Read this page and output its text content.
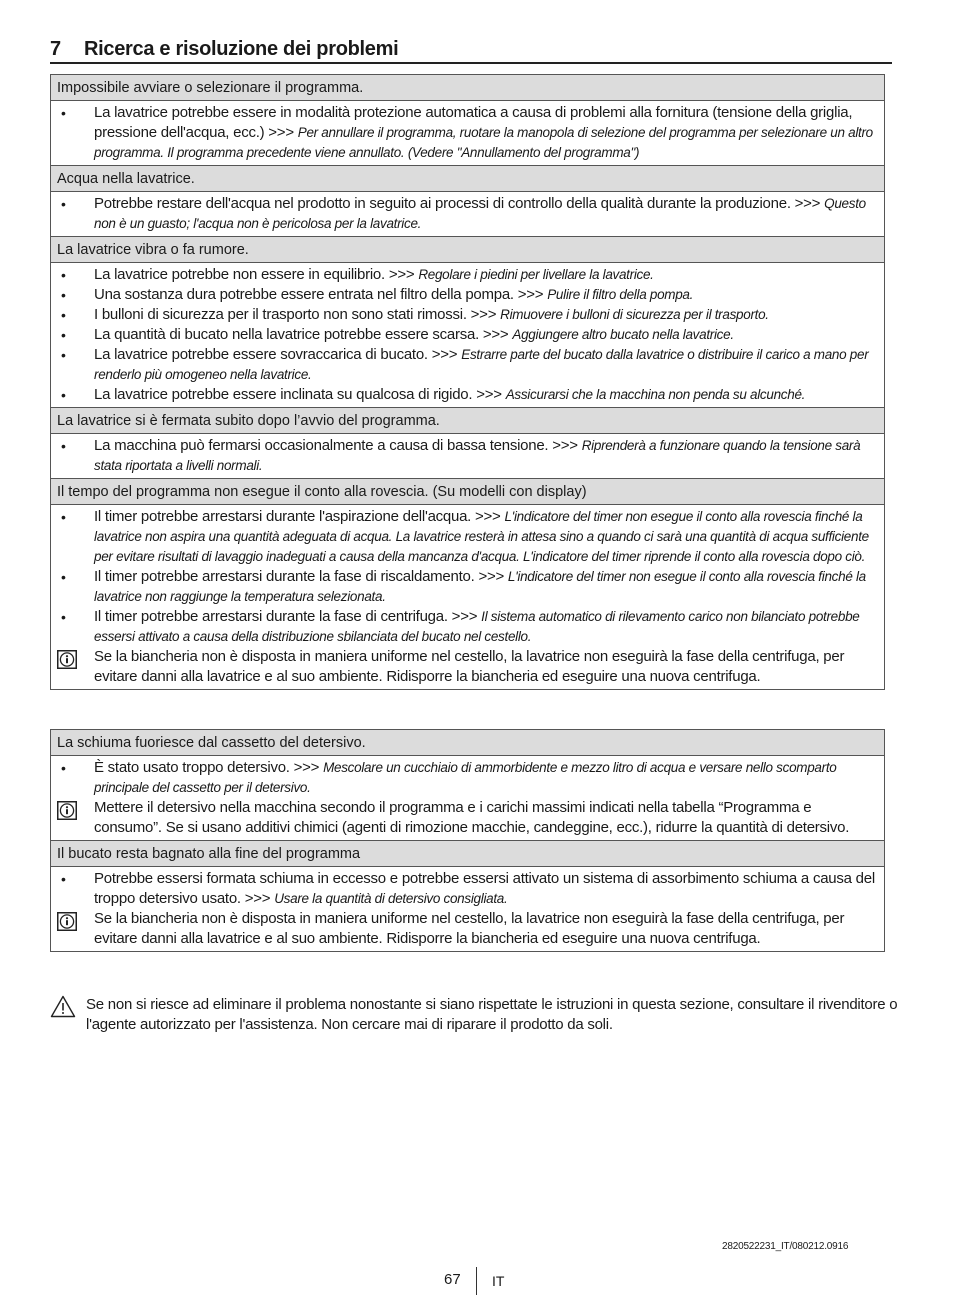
7 Ricerca e risoluzione dei problemi
Impossibile avviare o selezionare il programma.
• La lavatrice potrebbe essere in modalità protezione automatica a causa di problemi alla fornitura (tensione della griglia, pressione dell'acqua, ecc.) >>> Per annullare il programma, ruotare la manopola di selezione del programma per selezionare un altro programma. Il programma precedente viene annullato. (Vedere "Annullamento del programma")
Acqua nella lavatrice.
• Potrebbe restare dell'acqua nel prodotto in seguito ai processi di controllo della qualità durante la produzione. >>> Questo non è un guasto; l'acqua non è pericolosa per la lavatrice.
La lavatrice vibra o fa rumore.
• La lavatrice potrebbe non essere in equilibrio. >>> Regolare i piedini per livellare la lavatrice.
• Una sostanza dura potrebbe essere entrata nel filtro della pompa. >>> Pulire il filtro della pompa.
• I bulloni di sicurezza per il trasporto non sono stati rimossi. >>> Rimuovere i bulloni di sicurezza per il trasporto.
• La quantità di bucato nella lavatrice potrebbe essere scarsa. >>> Aggiungere altro bucato nella lavatrice.
• La lavatrice potrebbe essere sovraccarica di bucato. >>> Estrarre parte del bucato dalla lavatrice o distribuire il carico a mano per renderlo più omogeneo nella lavatrice.
• La lavatrice potrebbe essere inclinata su qualcosa di rigido. >>> Assicurarsi che la macchina non penda su alcunché.
La lavatrice si è fermata subito dopo l’avvio del programma.
• La macchina può fermarsi occasionalmente a causa di bassa tensione. >>> Riprenderà a funzionare quando la tensione sarà stata riportata a livelli normali.
Il tempo del programma non esegue il conto alla rovescia. (Su modelli con display)
• Il timer potrebbe arrestarsi durante l'aspirazione dell'acqua. >>> L'indicatore del timer non esegue il conto alla rovescia finché la lavatrice non aspira una quantità adeguata di acqua. La lavatrice resterà in attesa sino a quando ci sarà una quantità di acqua sufficiente per evitare risultati di lavaggio inadeguati a causa della mancanza d'acqua. L'indicatore del timer riprende il conto alla rovescia dopo ciò.
• Il timer potrebbe arrestarsi durante la fase di riscaldamento. >>> L'indicatore del timer non esegue il conto alla rovescia finché la lavatrice non raggiunge la temperatura selezionata.
• Il timer potrebbe arrestarsi durante la fase di centrifuga. >>> Il sistema automatico di rilevamento carico non bilanciato potrebbe essersi attivato a causa della distribuzione sbilanciata del bucato nel cestello.
Se la biancheria non è disposta in maniera uniforme nel cestello, la lavatrice non eseguirà la fase della centrifuga, per evitare danni alla lavatrice e al suo ambiente. Ridisporre la biancheria ed eseguire una nuova centrifuga.
La schiuma fuoriesce dal cassetto del detersivo.
• È stato usato troppo detersivo. >>> Mescolare un cucchiaio di ammorbidente e mezzo litro di acqua e versare nello scomparto principale del cassetto per il detersivo.
Mettere il detersivo nella macchina secondo il programma e i carichi massimi indicati nella tabella “Programma e consumo”. Se si usano additivi chimici (agenti di rimozione macchie, candeggine, ecc.), ridurre la quantità di detersivo.
Il bucato resta bagnato alla fine del programma
• Potrebbe essersi formata schiuma in eccesso e potrebbe essersi attivato un sistema di assorbimento schiuma a causa del troppo detersivo usato. >>> Usare la quantità di detersivo consigliata.
Se la biancheria non è disposta in maniera uniforme nel cestello, la lavatrice non eseguirà la fase della centrifuga, per evitare danni alla lavatrice e al suo ambiente. Ridisporre la biancheria ed eseguire una nuova centrifuga.
Se non si riesce ad eliminare il problema nonostante si siano rispettate le istruzioni in questa sezione, consultare il rivenditore o l'agente autorizzato per l'assistenza. Non cercare mai di riparare il prodotto da soli.
2820522231_IT/080212.0916
67 IT
